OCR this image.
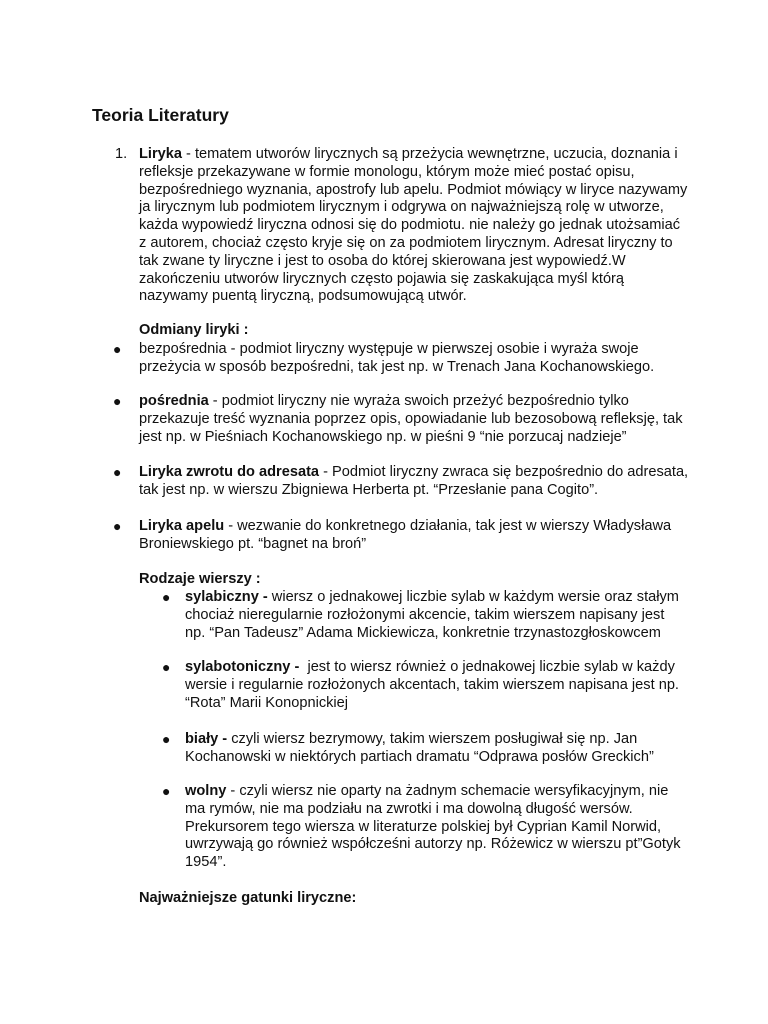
Teoria Literatury
1. Liryka - tematem utworów lirycznych są przeżycia wewnętrzne, uczucia, doznania i
refleksje przekazywane w formie monologu, którym może mieć postać opisu,
bezpośredniego wyznania, apostrofy lub apelu. Podmiot mówiący w liryce nazywamy
ja lirycznym lub podmiotem lirycznym i odgrywa on najważniejszą rolę w utworze,
każda wypowiedź liryczna odnosi się do podmiotu. nie należy go jednak utożsamiać
z autorem, chociaż często kryje się on za podmiotem lirycznym. Adresat liryczny to
tak zwane ty liryczne i jest to osoba do której skierowana jest wypowiedź.W
zakończeniu utworów lirycznych często pojawia się zaskakująca myśl którą
nazywamy puentą liryczną, podsumowującą utwór.
Odmiany liryki :
● bezpośrednia - podmiot liryczny występuje w pierwszej osobie i wyraża swoje
przeżycia w sposób bezpośredni, tak jest np. w Trenach Jana Kochanowskiego.
● pośrednia - podmiot liryczny nie wyraża swoich przeżyć bezpośrednio tylko
przekazuje treść wyznania poprzez opis, opowiadanie lub bezosobową refleksję, tak
jest np. w Pieśniach Kochanowskiego np. w pieśni 9 “nie porzucaj nadzieje”
● Liryka zwrotu do adresata - Podmiot liryczny zwraca się bezpośrednio do adresata,
tak jest np. w wierszu Zbigniewa Herberta pt. “Przesłanie pana Cogito”.
● Liryka apelu - wezwanie do konkretnego działania, tak jest w wierszy Władysława
Broniewskiego pt. “bagnet na broń”
Rodzaje wierszy :
● sylabiczny - wiersz o jednakowej liczbie sylab w każdym wersie oraz stałym
chociaż nieregularnie rozłożonymi akcencie, takim wierszem napisany jest
np. “Pan Tadeusz” Adama Mickiewicza, konkretnie trzynastozgłoskowcem
● sylabotoniczny -  jest to wiersz również o jednakowej liczbie sylab w każdy
wersie i regularnie rozłożonych akcentach, takim wierszem napisana jest np.
“Rota” Marii Konopnickiej
● biały - czyli wiersz bezrymowy, takim wierszem posługiwał się np. Jan
Kochanowski w niektórych partiach dramatu “Odprawa posłów Greckich”
● wolny - czyli wiersz nie oparty na żadnym schemacie wersyfikacyjnym, nie
ma rymów, nie ma podziału na zwrotki i ma dowolną długość wersów.
Prekursorem tego wiersza w literaturze polskiej był Cyprian Kamil Norwid,
uwrzywają go również współcześni autorzy np. Różewicz w wierszu pt”Gotyk
1954”.
Najważniejsze gatunki liryczne:
